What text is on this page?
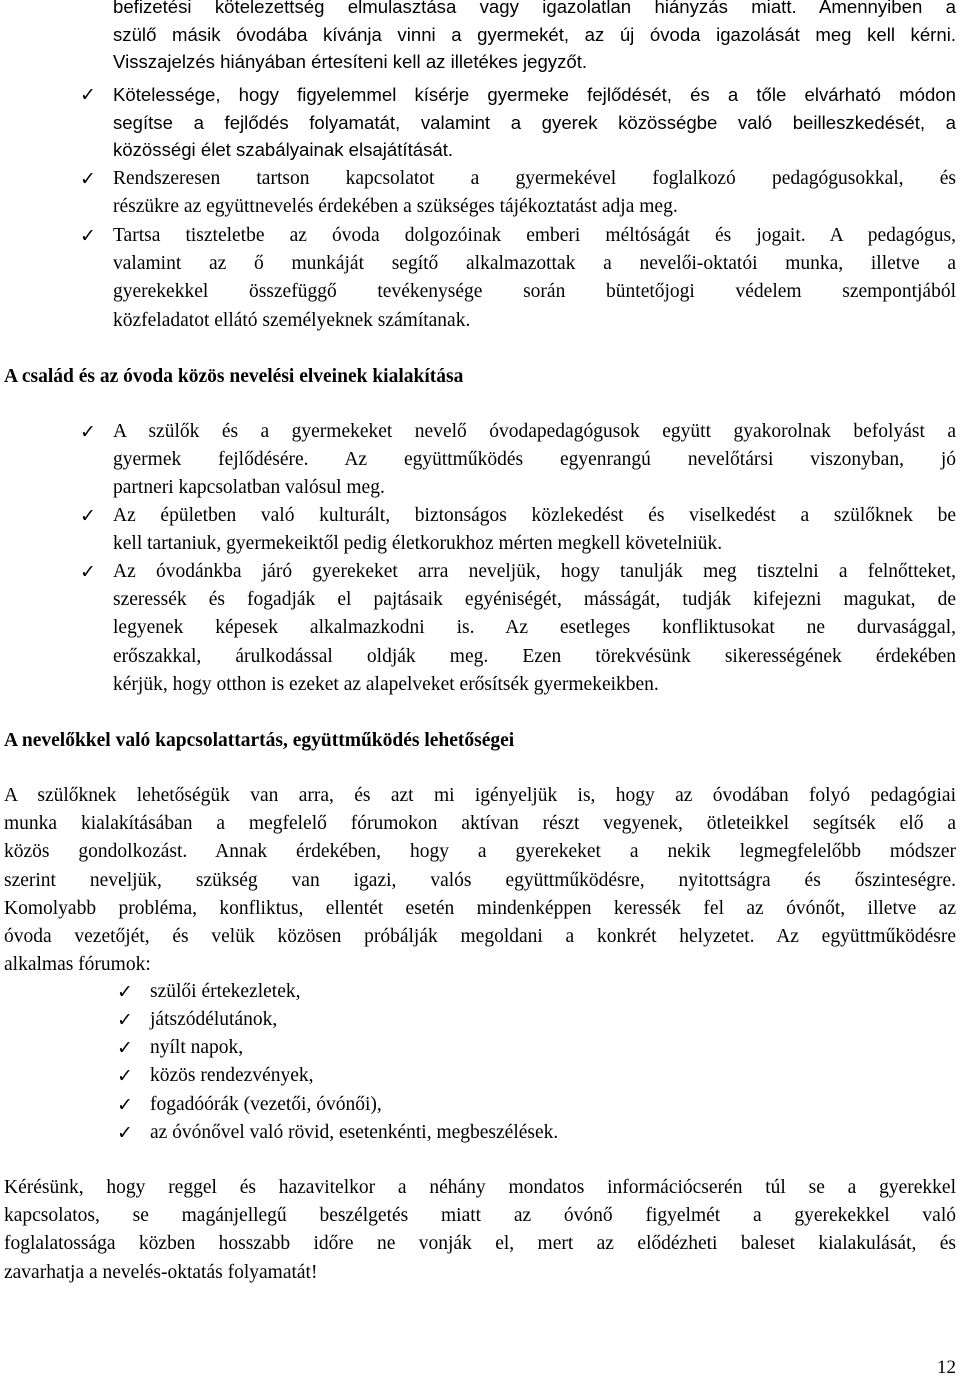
befizetési kötelezettség elmulasztása vagy igazolatlan hiányzás miatt. Amennyiben a
szülő másik óvodába kívánja vinni a gyermekét, az új óvoda igazolását meg kell kérni.
Visszajelzés hiányában értesíteni kell az illetékes jegyzőt.
✓ Kötelessége, hogy figyelemmel kísérje gyermeke fejlődését, és a tőle elvárható módon
segítse a fejlődés folyamatát, valamint a gyerek közösségbe való beilleszkedését, a
közösségi élet szabályainak elsajátítását.
✓ Rendszeresen tartson kapcsolatot a gyermekével foglalkozó pedagógusokkal, és
részükre az együttnevelés érdekében a szükséges tájékoztatást adja meg.
✓ Tartsa tiszteletbe az óvoda dolgozóinak emberi méltóságát és jogait. A pedagógus,
valamint az ő munkáját segítő alkalmazottak a nevelői-oktatói munka, illetve a
gyerekekkel összefüggő tevékenysége során büntetőjogi védelem szempontjából
közfeladatot ellátó személyeknek számítanak.
A család és az óvoda közös nevelési elveinek kialakítása
✓ A szülők és a gyermekeket nevelő óvodapedagógusok együtt gyakorolnak befolyást a
gyermek fejlődésére. Az együttműködés egyenrangú nevelőtársi viszonyban, jó
partneri kapcsolatban valósul meg.
✓ Az épületben való kulturált, biztonságos közlekedést és viselkedést a szülőknek be
kell tartaniuk, gyermekeiktől pedig életkorukhoz mérten megkell követelniük.
✓ Az óvodánkba járó gyerekeket arra neveljük, hogy tanulják meg tisztelni a felnőtteket,
szeressék és fogadják el pajtásaik egyéniségét, másságát, tudják kifejezni magukat, de
legyenek képesek alkalmazkodni is. Az esetleges konfliktusokat ne durvasággal,
erőszakkal, árulkodással oldják meg. Ezen törekvésünk sikerességének érdekében
kérjük, hogy otthon is ezeket az alapelveket erősítsék gyermekeikben.
A nevelőkkel való kapcsolattartás, együttműködés lehetőségei
A szülőknek lehetőségük van arra, és azt mi igényeljük is, hogy az óvodában folyó pedagógiai
munka kialakításában a megfelelő fórumokon aktívan részt vegyenek, ötleteikkel segítsék elő a
közös gondolkozást. Annak érdekében, hogy a gyerekeket a nekik legmegfelelőbb módszer
szerint neveljük, szükség van igazi, valós együttműködésre, nyitottságra és őszinteségre.
Komolyabb probléma, konfliktus, ellentét esetén mindenképpen keressék fel az óvónőt, illetve az
óvoda vezetőjét, és velük közösen próbálják megoldani a konkrét helyzetet. Az együttműködésre
alkalmas fórumok:
✓ szülői értekezletek,
✓ játszódélutánok,
✓ nyílt napok,
✓ közös rendezvények,
✓ fogadóórák (vezetői, óvónői),
✓ az óvónővel való rövid, esetenkénti, megbeszélések.
Kérésünk, hogy reggel és hazavitelkor a néhány mondatos információcserén túl se a gyerekkel
kapcsolatos, se magánjellegű beszélgetés miatt az óvónő figyelmét a gyerekekkel való
foglalatossága közben hosszabb időre ne vonják el, mert az elődézheti baleset kialakulását, és
zavarhatja a nevelés-oktatás folyamatát!
12
